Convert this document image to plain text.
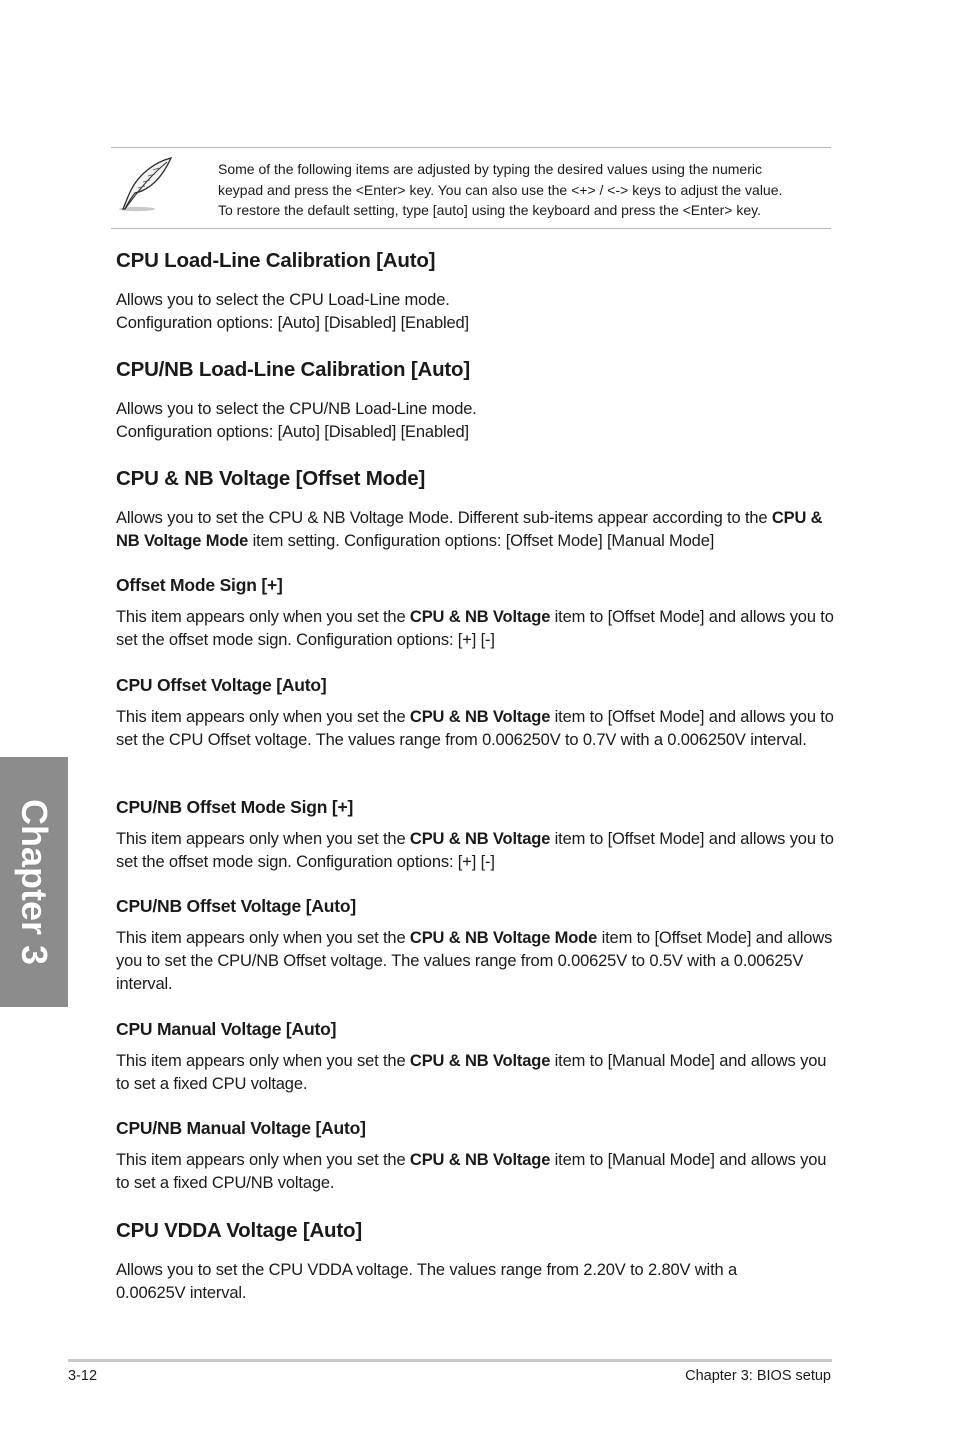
Some of the following items are adjusted by typing the desired values using the numeric
keypad and press the <Enter> key. You can also use the <+> / <-> keys to adjust the value.
To restore the default setting, type [auto] using the keyboard and press the <Enter> key.
CPU Load-Line Calibration [Auto]
Allows you to select the CPU Load-Line mode.
Configuration options: [Auto] [Disabled] [Enabled]
CPU/NB Load-Line Calibration [Auto]
Allows you to select the CPU/NB Load-Line mode.
Configuration options: [Auto] [Disabled] [Enabled]
CPU & NB Voltage [Offset Mode]

Allows you to set the CPU & NB Voltage Mode. Different sub-items appear according to the CPU & NB Voltage Mode item setting. Configuration options: [Offset Mode] [Manual Mode]

Offset Mode Sign [+]

This item appears only when you set the CPU & NB Voltage item to [Offset Mode] and allows you to set the offset mode sign. Configuration options: [+] [-]

CPU Offset Voltage [Auto]

This item appears only when you set the CPU & NB Voltage item to [Offset Mode] and allows you to set the CPU Offset voltage. The values range from 0.006250V to 0.7V with a 0.006250V interval.

CPU/NB Offset Mode Sign [+]

This item appears only when you set the CPU & NB Voltage item to [Offset Mode] and allows you to set the offset mode sign. Configuration options: [+] [-]

CPU/NB Offset Voltage [Auto]

This item appears only when you set the CPU & NB Voltage Mode item to [Offset Mode] and allows you to set the CPU/NB Offset voltage. The values range from 0.00625V to 0.5V with a 0.00625V interval.

CPU Manual Voltage [Auto]

This item appears only when you set the CPU & NB Voltage item to [Manual Mode] and allows you to set a fixed CPU voltage.

CPU/NB Manual Voltage [Auto]

This item appears only when you set the CPU & NB Voltage item to [Manual Mode] and allows you to set a fixed CPU/NB voltage.

CPU VDDA Voltage [Auto]
Allows you to set the CPU VDDA voltage. The values range from 2.20V to 2.80V with a
0.00625V interval.
Chapter 3
3-12	Chapter 3: BIOS setup
